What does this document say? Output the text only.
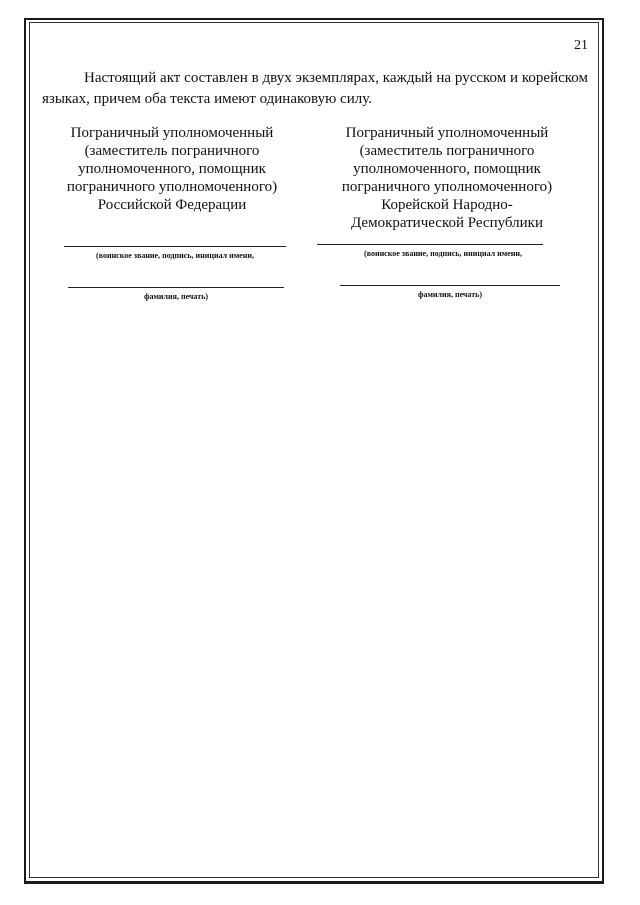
21

Настоящий акт составлен в двух экземплярах, каждый на русском и корейском языках, причем оба текста имеют одинаковую силу.

Пограничный уполномоченный
(заместитель пограничного
уполномоченного, помощник
пограничного уполномоченного)
Российской Федерации
(воинское звание, подпись, инициал имени,
фамилия, печать)
Пограничный уполномоченный
(заместитель пограничного
уполномоченного, помощник
пограничного уполномоченного)
Корейской Народно-
Демократической Республики
(воинское звание, подпись, инициал имени,
фамилия, печать)
